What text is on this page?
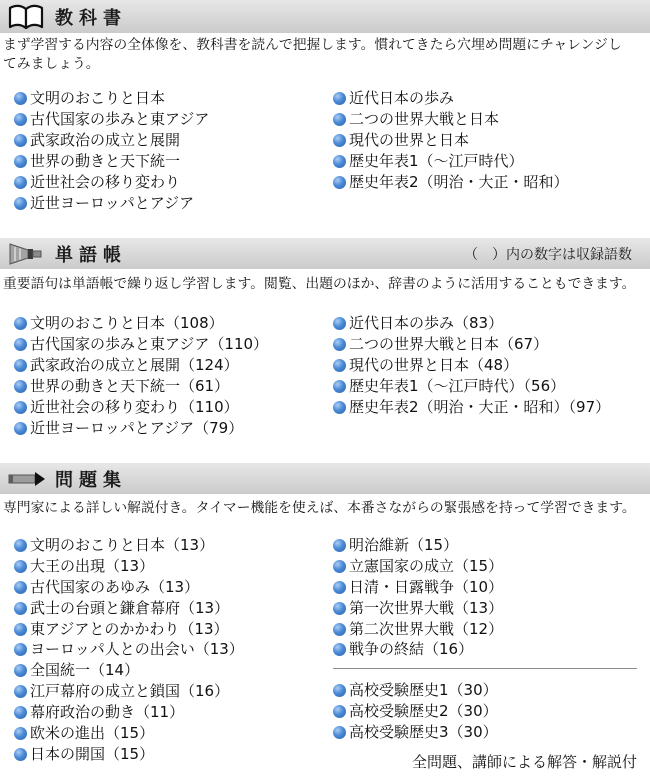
教科書

まず学習する内容の全体像を、教科書を読んで把握します。慣れてきたら穴埋め問題にチャレンジしてみましょう。

文明のおこりと日本
古代国家の歩みと東アジア
武家政治の成立と展開
世界の動きと天下統一
近世社会の移り変わり
近世ヨーロッパとアジア
近代日本の歩み
二つの世界大戦と日本
現代の世界と日本
歴史年表1（～江戸時代）
歴史年表2（明治・大正・昭和）
単語帳	（　）内の数字は収録語数

重要語句は単語帳で繰り返し学習します。閲覧、出題のほか、辞書のように活用することもできます。

文明のおこりと日本（108）
古代国家の歩みと東アジア（110）
武家政治の成立と展開（124）
世界の動きと天下統一（61）
近世社会の移り変わり（110）
近世ヨーロッパとアジア（79）
近代日本の歩み（83）
二つの世界大戦と日本（67）
現代の世界と日本（48）
歴史年表1（～江戸時代）（56）
歴史年表2（明治・大正・昭和）（97）
問題集

専門家による詳しい解説付き。タイマー機能を使えば、本番さながらの緊張感を持って学習できます。

文明のおこりと日本（13）
大王の出現（13）
古代国家のあゆみ（13）
武士の台頭と鎌倉幕府（13）
東アジアとのかかわり（13）
ヨーロッパ人との出会い（13）
全国統一（14）
江戸幕府の成立と鎖国（16）
幕府政治の動き（11）
欧米の進出（15）
日本の開国（15）
明治維新（15）
立憲国家の成立（15）
日清・日露戦争（10）
第一次世界大戦（13）
第二次世界大戦（12）
戦争の終結（16）
高校受験歴史1（30）
高校受験歴史2（30）
高校受験歴史3（30）
全問題、講師による解答・解説付
